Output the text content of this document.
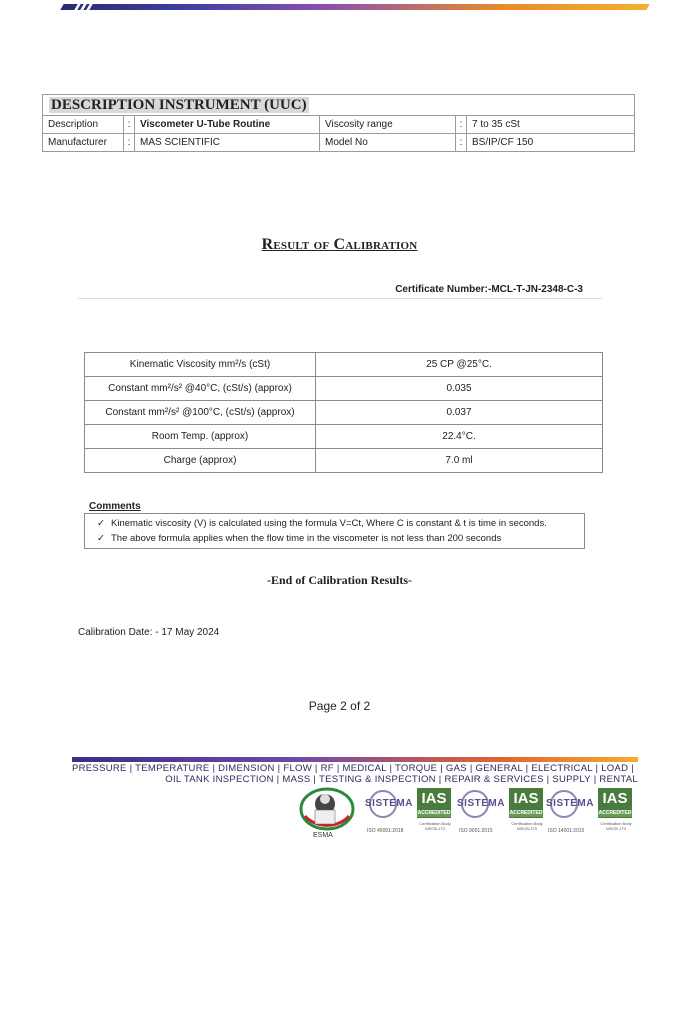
DESCRIPTION INSTRUMENT (UUC)					
Description	:	Viscometer U-Tube Routine	Viscosity range	:	7 to 35 cSt
Manufacturer	:	MAS SCIENTIFIC	Model No	:	BS/IP/CF 150
Result of Calibration
Certificate Number:-MCL-T-JN-2348-C-3
Kinematic Viscosity mm²/s (cSt)	25 CP @25°C.
Constant mm²/s² @40°C, (cSt/s) (approx)	0.035
Constant mm²/s² @100°C, (cSt/s) (approx)	0.037
Room Temp. (approx)	22.4°C.
Charge (approx)	7.0 ml
Comments
✓ Kinematic viscosity (V) is calculated using the formula V=Ct, Where C is constant & t is time in seconds.
✓ The above formula applies when the flow time in the viscometer is not less than 200 seconds
-End of Calibration Results-
Calibration Date: - 17 May 2024
Page 2 of 2
PRESSURE | TEMPERATURE | DIMENSION | FLOW | RF | MEDICAL | TORQUE | GAS | GENERAL | ELECTRICAL | LOAD |
OIL TANK INSPECTION | MASS | TESTING & INSPECTION | REPAIR & SERVICES | SUPPLY | RENTAL
ESMA
SISTEMA IAS
ACCREDITED
ISO 45001:2018
Certification Body MSCB-173
SISTEMA IAS
ACCREDITED
ISO 9001:2015
Certification Body MSCB-173
SISTEMA IAS
ACCREDITED
ISO 14001:2015
Certification Body MSCB-173
